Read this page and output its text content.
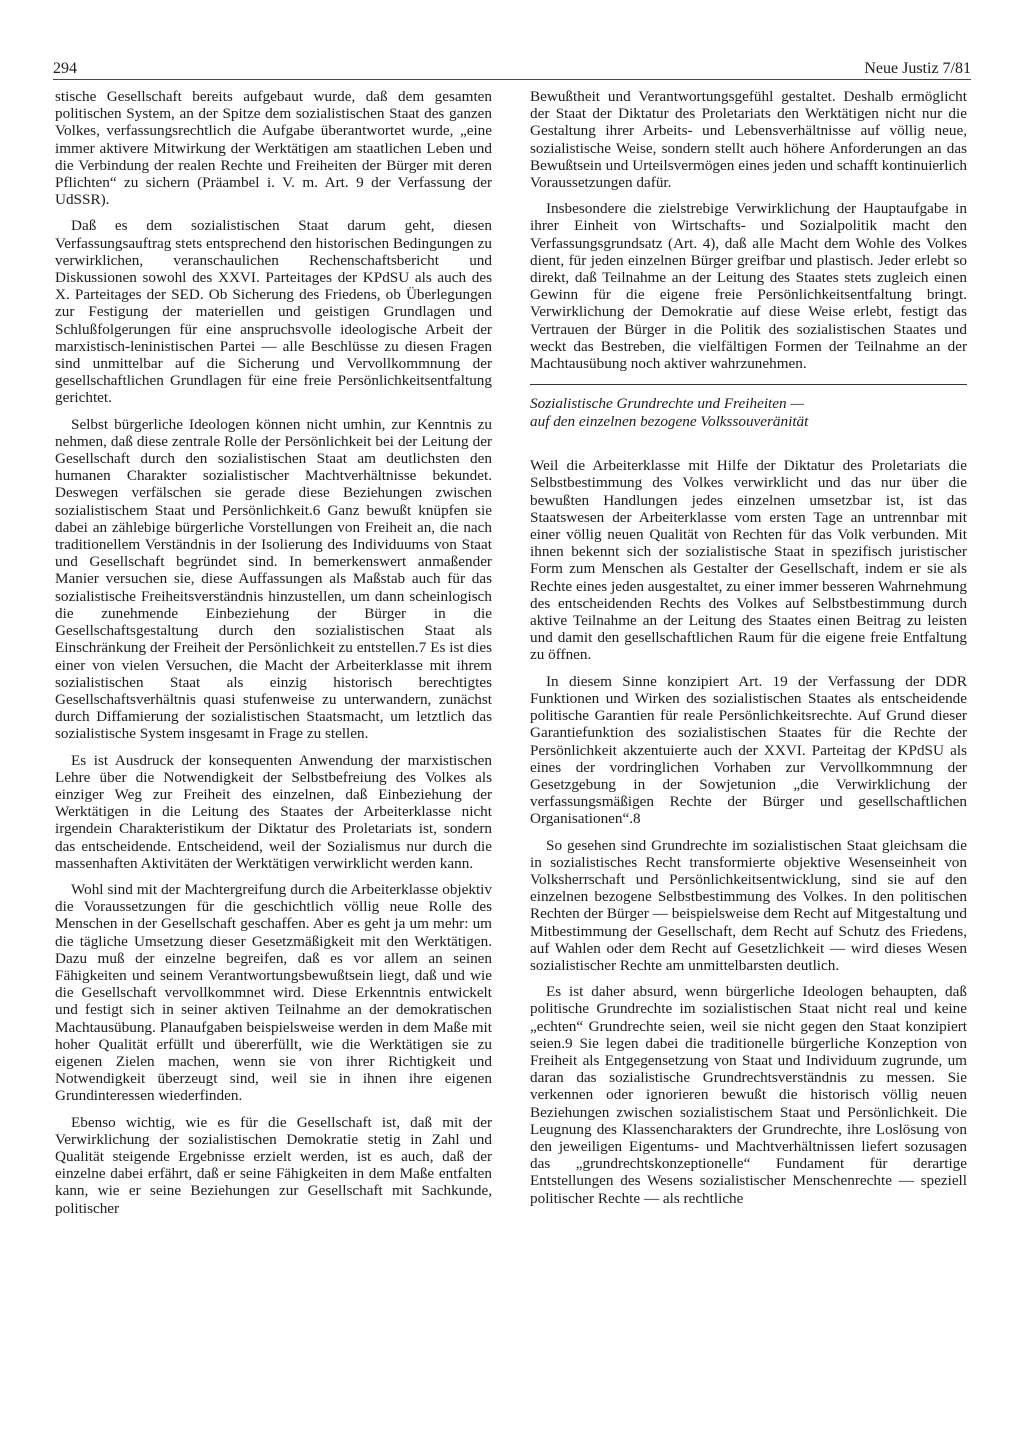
294	Neue Justiz 7/81

stische Gesellschaft bereits aufgebaut wurde, daß dem gesamten politischen System, an der Spitze dem sozialistischen Staat des ganzen Volkes, verfassungsrechtlich die Aufgabe überantwortet wurde, „eine immer aktivere Mitwirkung der Werktätigen am staatlichen Leben und die Verbindung der realen Rechte und Freiheiten der Bürger mit deren Pflichten“ zu sichern (Präambel i. V. m. Art. 9 der Verfassung der UdSSR).

Daß es dem sozialistischen Staat darum geht, diesen Verfassungsauftrag stets entsprechend den historischen Bedingungen zu verwirklichen, veranschaulichen Rechenschaftsbericht und Diskussionen sowohl des XXVI. Parteitages der KPdSU als auch des X. Parteitages der SED. Ob Sicherung des Friedens, ob Überlegungen zur Festigung der materiellen und geistigen Grundlagen und Schlußfolgerungen für eine anspruchsvolle ideologische Arbeit der marxistisch-leninistischen Partei — alle Beschlüsse zu diesen Fragen sind unmittelbar auf die Sicherung und Vervollkommnung der gesellschaftlichen Grundlagen für eine freie Persönlichkeitsentfaltung gerichtet.

Selbst bürgerliche Ideologen können nicht umhin, zur Kenntnis zu nehmen, daß diese zentrale Rolle der Persönlichkeit bei der Leitung der Gesellschaft durch den sozialistischen Staat am deutlichsten den humanen Charakter sozialistischer Machtverhältnisse bekundet. Deswegen verfälschen sie gerade diese Beziehungen zwischen sozialistischem Staat und Persönlichkeit.6 Ganz bewußt knüpfen sie dabei an zählebige bürgerliche Vorstellungen von Freiheit an, die nach traditionellem Verständnis in der Isolierung des Individuums von Staat und Gesellschaft begründet sind. In bemerkenswert anmaßender Manier versuchen sie, diese Auffassungen als Maßstab auch für das sozialistische Freiheitsverständnis hinzustellen, um dann scheinlogisch die zunehmende Einbeziehung der Bürger in die Gesellschaftsgestaltung durch den sozialistischen Staat als Einschränkung der Freiheit der Persönlichkeit zu entstellen.7 Es ist dies einer von vielen Versuchen, die Macht der Arbeiterklasse mit ihrem sozialistischen Staat als einzig historisch berechtigtes Gesellschaftsverhältnis quasi stufenweise zu unterwandern, zunächst durch Diffamierung der sozialistischen Staatsmacht, um letztlich das sozialistische System insgesamt in Frage zu stellen.

Es ist Ausdruck der konsequenten Anwendung der marxistischen Lehre über die Notwendigkeit der Selbstbefreiung des Volkes als einziger Weg zur Freiheit des einzelnen, daß Einbeziehung der Werktätigen in die Leitung des Staates der Arbeiterklasse nicht irgendein Charakteristikum der Diktatur des Proletariats ist, sondern das entscheidende. Entscheidend, weil der Sozialismus nur durch die massenhaften Aktivitäten der Werktätigen verwirklicht werden kann.

Wohl sind mit der Machtergreifung durch die Arbeiterklasse objektiv die Voraussetzungen für die geschichtlich völlig neue Rolle des Menschen in der Gesellschaft geschaffen. Aber es geht ja um mehr: um die tägliche Umsetzung dieser Gesetzmäßigkeit mit den Werktätigen. Dazu muß der einzelne begreifen, daß es vor allem an seinen Fähigkeiten und seinem Verantwortungsbewußtsein liegt, daß und wie die Gesellschaft vervollkommnet wird. Diese Erkenntnis entwickelt und festigt sich in seiner aktiven Teilnahme an der demokratischen Machtausübung. Planaufgaben beispielsweise werden in dem Maße mit hoher Qualität erfüllt und übererfüllt, wie die Werktätigen sie zu eigenen Zielen machen, wenn sie von ihrer Richtigkeit und Notwendigkeit überzeugt sind, weil sie in ihnen ihre eigenen Grundinteressen wiederfinden.

Ebenso wichtig, wie es für die Gesellschaft ist, daß mit der Verwirklichung der sozialistischen Demokratie stetig in Zahl und Qualität steigende Ergebnisse erzielt werden, ist es auch, daß der einzelne dabei erfährt, daß er seine Fähigkeiten in dem Maße entfalten kann, wie er seine Beziehungen zur Gesellschaft mit Sachkunde, politischer

Bewußtheit und Verantwortungsgefühl gestaltet. Deshalb ermöglicht der Staat der Diktatur des Proletariats den Werktätigen nicht nur die Gestaltung ihrer Arbeits- und Lebensverhältnisse auf völlig neue, sozialistische Weise, sondern stellt auch höhere Anforderungen an das Bewußtsein und Urteilsvermögen eines jeden und schafft kontinuierlich Voraussetzungen dafür.

Insbesondere die zielstrebige Verwirklichung der Hauptaufgabe in ihrer Einheit von Wirtschafts- und Sozialpolitik macht den Verfassungsgrundsatz (Art. 4), daß alle Macht dem Wohle des Volkes dient, für jeden einzelnen Bürger greifbar und plastisch. Jeder erlebt so direkt, daß Teilnahme an der Leitung des Staates stets zugleich einen Gewinn für die eigene freie Persönlichkeitsentfaltung bringt. Verwirklichung der Demokratie auf diese Weise erlebt, festigt das Vertrauen der Bürger in die Politik des sozialistischen Staates und weckt das Bestreben, die vielfältigen Formen der Teilnahme an der Machtausübung noch aktiver wahrzunehmen.

Sozialistische Grundrechte und Freiheiten —
auf den einzelnen bezogene Volkssouveränität

Weil die Arbeiterklasse mit Hilfe der Diktatur des Proletariats die Selbstbestimmung des Volkes verwirklicht und das nur über die bewußten Handlungen jedes einzelnen umsetzbar ist, ist das Staatswesen der Arbeiterklasse vom ersten Tage an untrennbar mit einer völlig neuen Qualität von Rechten für das Volk verbunden. Mit ihnen bekennt sich der sozialistische Staat in spezifisch juristischer Form zum Menschen als Gestalter der Gesellschaft, indem er sie als Rechte eines jeden ausgestaltet, zu einer immer besseren Wahrnehmung des entscheidenden Rechts des Volkes auf Selbstbestimmung durch aktive Teilnahme an der Leitung des Staates einen Beitrag zu leisten und damit den gesellschaftlichen Raum für die eigene freie Entfaltung zu öffnen.

In diesem Sinne konzipiert Art. 19 der Verfassung der DDR Funktionen und Wirken des sozialistischen Staates als entscheidende politische Garantien für reale Persönlichkeitsrechte. Auf Grund dieser Garantiefunktion des sozialistischen Staates für die Rechte der Persönlichkeit akzentuierte auch der XXVI. Parteitag der KPdSU als eines der vordringlichen Vorhaben zur Vervollkommnung der Gesetzgebung in der Sowjetunion „die Verwirklichung der verfassungsmäßigen Rechte der Bürger und gesellschaftlichen Organisationen“.8

So gesehen sind Grundrechte im sozialistischen Staat gleichsam die in sozialistisches Recht transformierte objektive Wesenseinheit von Volksherrschaft und Persönlichkeitsentwicklung, sind sie auf den einzelnen bezogene Selbstbestimmung des Volkes. In den politischen Rechten der Bürger — beispielsweise dem Recht auf Mitgestaltung und Mitbestimmung der Gesellschaft, dem Recht auf Schutz des Friedens, auf Wahlen oder dem Recht auf Gesetzlichkeit — wird dieses Wesen sozialistischer Rechte am unmittelbarsten deutlich.

Es ist daher absurd, wenn bürgerliche Ideologen behaupten, daß politische Grundrechte im sozialistischen Staat nicht real und keine „echten“ Grundrechte seien, weil sie nicht gegen den Staat konzipiert seien.9 Sie legen dabei die traditionelle bürgerliche Konzeption von Freiheit als Entgegensetzung von Staat und Individuum zugrunde, um daran das sozialistische Grundrechtsverständnis zu messen. Sie verkennen oder ignorieren bewußt die historisch völlig neuen Beziehungen zwischen sozialistischem Staat und Persönlichkeit. Die Leugnung des Klassencharakters der Grundrechte, ihre Loslösung von den jeweiligen Eigentums- und Machtverhältnissen liefert sozusagen das „grundrechtskonzeptionelle“ Fundament für derartige Entstellungen des Wesens sozialistischer Menschenrechte — speziell politischer Rechte — als rechtliche
